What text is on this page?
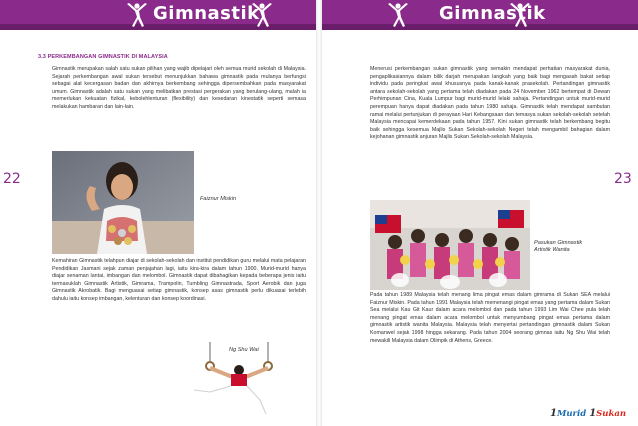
Gimnastik	Gimnastik
22	23
3.3 PERKEMBANGAN GIMNASTIK DI MALAYSIA

Gimnastik merupakan salah satu sukan pilihan yang wajib dipelajari oleh semua murid sekolah di Malaysia. Sejarah perkembangan awal sukan tersebut menunjukkan bahawa gimnastik pada mulanya berfungsi sebagai alat kecergasan badan dan akhirnya berkembang sehingga dipersembahkan pada masyarakat umum. Gimnastik adalah satu sukan yang melibatkan prestasi pergerakan yang berulang-ulang, malah ia memerlukan kekuatan fizikal, kebolehlenturan (flexibility) dan kesedaran kinestatik seperti semasa melakukan hambaran dan lain-lain.

Menerusi perkembangan sukan gimnastik yang semakin mendapat perhatian masyarakat dunia, pengaplikasiannya dalam bilik darjah merupakan langkah yang baik bagi mengasah bakat setiap individu pada peringkat awal khususnya pada kanak-kanak prasekolah. Pertandingan gimnastik antara sekolah-sekolah yang pertama telah diadakan pada 24 November 1962 bertempat di Dewan Perhimpunan Cina, Kuala Lumpur bagi murid-murid lelaki sahaja. Pertandingan untuk murid-murid perempuan hanya dapat diadakan pada tahun 1980 sahaja. Gimnastik telah mendapat sambutan ramai melalui pertunjukan di perayaan Hari Kebangsaan dan temasya sukan sekolah-sekolah setelah Malaysia mencapai kemerdekaan pada tahun 1957. Kini sukan gimnastik telah berkembang begitu baik sehingga kesemua Majlis Sukan Sekolah-sekolah Negeri telah mengambil bahagian dalam kejohanan gimnastik anjuran Majlis Sukan Sekolah-sekolah Malaysia.

Kemahiran Gimnastik telahpun diajar di sekolah-sekolah dan institut pendidikan guru melalui mata pelajaran Pendidikan Jasmani sejak zaman penjajahan lagi, iaitu kira-kira dalam tahun 1900. Murid-murid hanya diajar senaman lantai, imbangan dan melombol. Gimnastik dapat dibahagikan kepada beberapa jenis iaitu termasuklah Gimnastik Artistik, Gimrama, Trampolin, Tumbling Gimnastrada, Sport Aerobik dan juga Gimnastik Akrobatik. Bagi menguasai setiap gimnastik, konsep asas gimnastik perlu dikuasai terlebih dahulu iaitu konsep imbangan, kelenturan dan konsep koordinasi.

Pada tahun 1989 Malaysia telah menang lima pingat emas dalam gimrama di Sukan SEA melalui Faiznur Miskin. Pada tahun 1991 Malaysia telah memenangi pingat emas yang pertama dalam Sukan Sea melalui Kau Git Kaur dalam acara melombol dan pada tahun 1993 Lim Wai Chee pula telah menang pingat emas dalam acara melombol untuk menyumbang pingat emas pertama dalam gimnastik artistik wanita Malaysia. Malaysia telah menyertai pertandingan gimnastik dalam Sukan Komanwel sejak 1998 hingga sekarang. Pada tahun 2004 seorang gimnas iaitu Ng Shu Wai telah mewakili Malaysia dalam Olimpik di Athens, Greece.

Faiznur Miskin
Pasukan Gimnastik Artistik Wanita
Ng Shu Wai
1Murid 1Sukan
